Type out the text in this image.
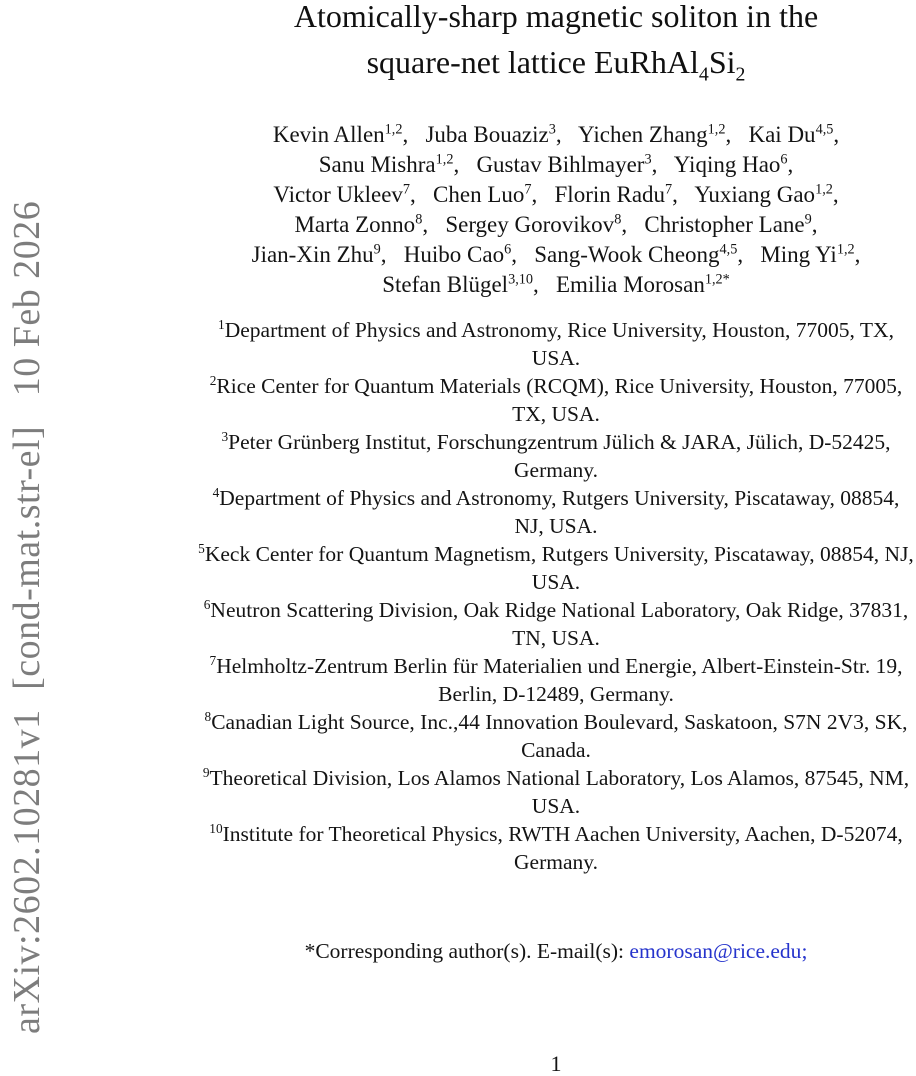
arXiv:2602.10281v1 [cond-mat.str-el]  10 Feb 2026
Atomically-sharp magnetic soliton in the
square-net lattice $EuRhAl_4Si_2$
Kevin Allen$^{1,2}$,  Juba Bouaziz$^3$,  Yichen Zhang$^{1,2}$,  Kai Du$^{4,5}$,
Sanu Mishra$^{1,2}$,  Gustav Bihlmayer$^3$,  Yiqing Hao$^6$,
Victor Ukleev$^7$,  Chen Luo$^7$,  Florin Radu$^7$,  Yuxiang Gao$^{1,2}$,
Marta Zonno$^8$,  Sergey Gorovikov$^8$,  Christopher Lane$^9$,
Jian-Xin Zhu$^9$,  Huibo Cao$^6$,  Sang-Wook Cheong$^{4,5}$,  Ming Yi$^{1,2}$,
Stefan Blügel$^{3,10}$,  Emilia Morosan$^{1,2*}$
$^1$Department of Physics and Astronomy, Rice University, Houston, 77005, TX, USA.
$^2$Rice Center for Quantum Materials (RCQM), Rice University, Houston, 77005, TX, USA.
$^3$Peter Grünberg Institut, Forschungzentrum Jülich & JARA, Jülich, D-52425, Germany.
$^4$Department of Physics and Astronomy, Rutgers University, Piscataway, 08854, NJ, USA.
$^5$Keck Center for Quantum Magnetism, Rutgers University, Piscataway, 08854, NJ, USA.
$^6$Neutron Scattering Division, Oak Ridge National Laboratory, Oak Ridge, 37831, TN, USA.
$^7$Helmholtz-Zentrum Berlin für Materialien und Energie, Albert-Einstein-Str. 19, Berlin, D-12489, Germany.
$^8$Canadian Light Source, Inc.,44 Innovation Boulevard, Saskatoon, S7N 2V3, SK, Canada.
$^9$Theoretical Division, Los Alamos National Laboratory, Los Alamos, 87545, NM, USA.
$^{10}$Institute for Theoretical Physics, RWTH Aachen University, Aachen, D-52074, Germany.
*Corresponding author(s). E-mail(s): emorosan@rice.edu;
1
